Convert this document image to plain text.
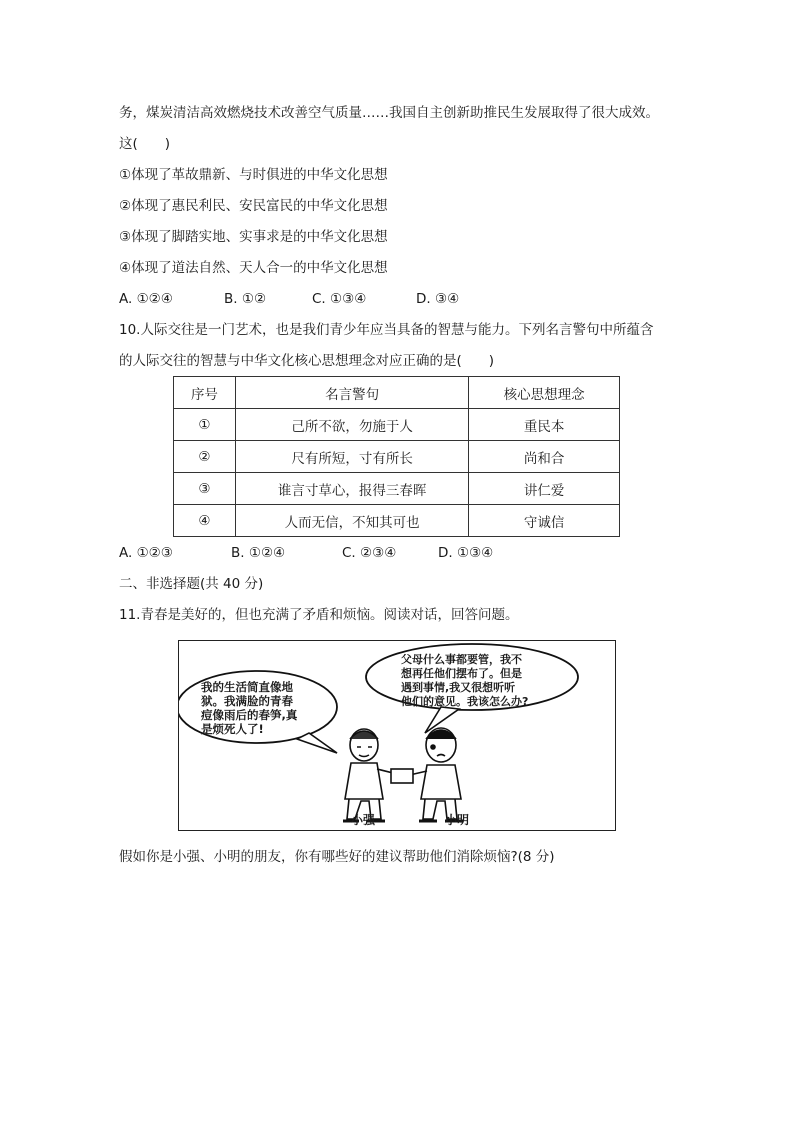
务，煤炭清洁高效燃烧技术改善空气质量……我国自主创新助推民生发展取得了很大成效。
这(　　)
①体现了革故鼎新、与时俱进的中华文化思想
②体现了惠民利民、安民富民的中华文化思想
③体现了脚踏实地、实事求是的中华文化思想
④体现了道法自然、天人合一的中华文化思想
A. ①②④	B. ①②	C. ①③④	D. ③④
10.人际交往是一门艺术，也是我们青少年应当具备的智慧与能力。下列名言警句中所蕴含
的人际交往的智慧与中华文化核心思想理念对应正确的是(　　)
序号	名言警句	核心思想理念
①	己所不欲，勿施于人	重民本
②	尺有所短，寸有所长	尚和合
③	谁言寸草心，报得三春晖	讲仁爱
④	人而无信，不知其可也	守诚信
A. ①②③	B. ①②④	C. ②③④	D. ①③④
二、非选择题(共 40 分)
11.青春是美好的，但也充满了矛盾和烦恼。阅读对话，回答问题。
我的生活简直像地
狱。我满脸的青春
痘像雨后的春笋,真
是烦死人了!
父母什么事都要管，我不
想再任他们摆布了。但是
遇到事情,我又很想听听
他们的意见。我该怎么办?
小强	小明
假如你是小强、小明的朋友，你有哪些好的建议帮助他们消除烦恼?(8 分)
